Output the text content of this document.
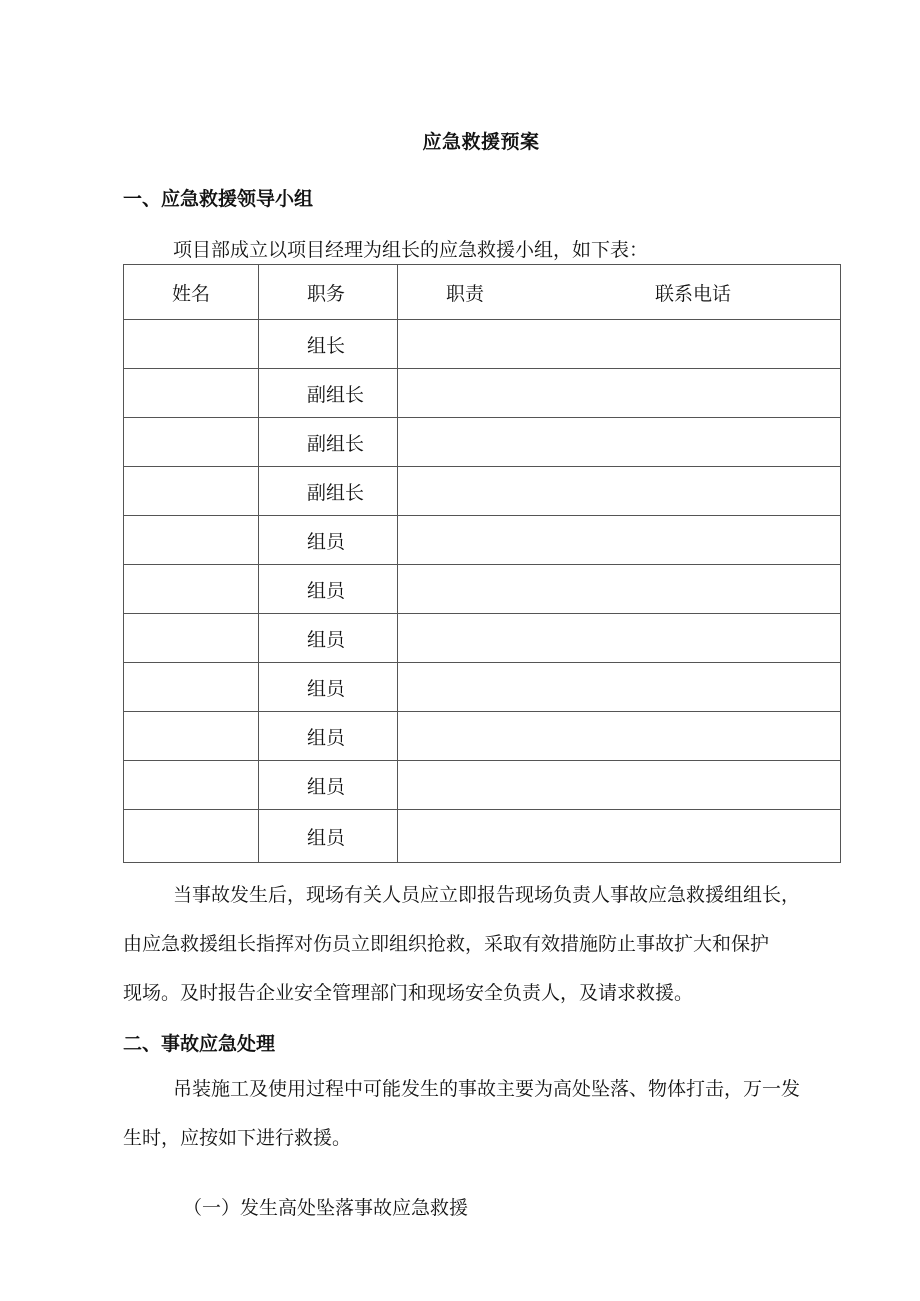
应急救援预案
一、应急救援领导小组
项目部成立以项目经理为组长的应急救援小组，如下表：
姓名	职务	职责 联系电话
	组长	
	副组长	
	副组长	
	副组长	
	组员	
	组员	
	组员	
	组员	
	组员	
	组员	
	组员	
当事故发生后，现场有关人员应立即报告现场负责人事故应急救援组组长，
由应急救援组长指挥对伤员立即组织抢救，采取有效措施防止事故扩大和保护
现场。及时报告企业安全管理部门和现场安全负责人，及请求救援。
二、事故应急处理
吊装施工及使用过程中可能发生的事故主要为高处坠落、物体打击，万一发
生时，应按如下进行救援。
（一）发生高处坠落事故应急救援
